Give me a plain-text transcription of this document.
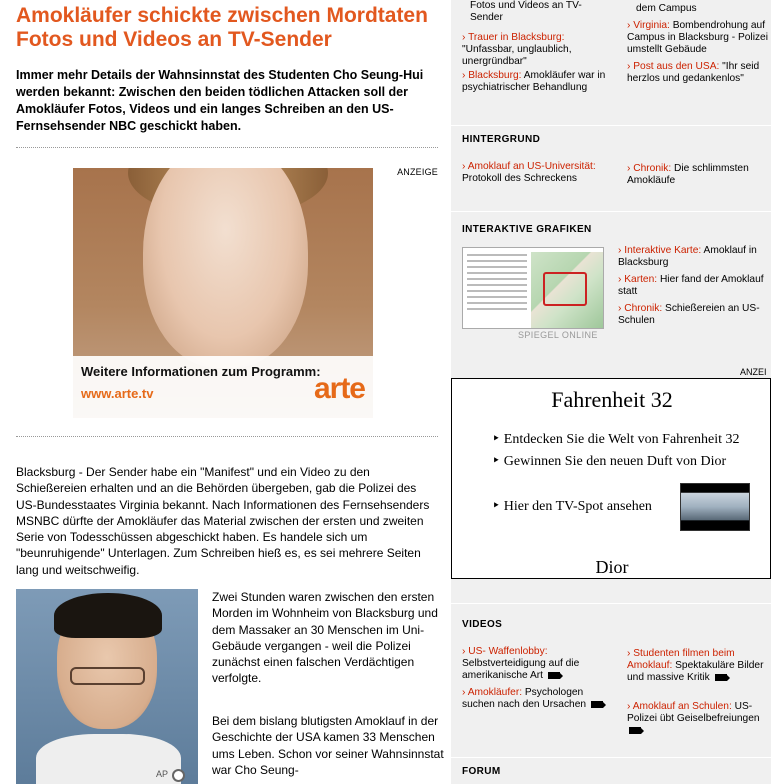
Amokläufer schickte zwischen Mordtaten
Fotos und Videos an TV-Sender

Immer mehr Details der Wahnsinnstat des Studenten Cho Seung-Hui werden bekannt: Zwischen den beiden tödlichen Attacken soll der Amokläufer Fotos, Videos und ein langes Schreiben an den US-Fernsehsender NBC geschickt haben.

ANZEIGE
Weitere Informationen zum Programm:
www.arte.tv	arte

Blacksburg - Der Sender habe ein "Manifest" und ein Video zu den Schießereien erhalten und an die Behörden übergeben, gab die Polizei des US-Bundesstaates Virginia bekannt. Nach Informationen des Fernsehsenders MSNBC dürfte der Amokläufer das Material zwischen der ersten und zweiten Serie von Todesschüssen abgeschickt haben. Es handele sich um "beunruhigende" Unterlagen. Zum Schreiben hieß es, es sei mehrere Seiten lang und weitschweifig.

Zwei Stunden waren zwischen den ersten Morden im Wohnheim von Blacksburg und dem Massaker an 30 Menschen im Uni-Gebäude vergangen - weil die Polizei zunächst einen falschen Verdächtigen verfolgte.

Bei dem bislang blutigsten Amoklauf in der Geschichte der USA kamen 33 Menschen ums Leben. Schon vor seiner Wahnsinnstat war Cho Seung-

AP
Fotos und Videos an TV-Sender
dem Campus
› Trauer in Blacksburg: "Unfassbar, unglaublich, unergründbar"
› Virginia: Bombendrohung auf Campus in Blacksburg - Polizei umstellt Gebäude
› Blacksburg: Amokläufer war in psychiatrischer Behandlung
› Post aus den USA: "Ihr seid herzlos und gedankenlos"
HINTERGRUND
› Amoklauf an US-Universität: Protokoll des Schreckens
› Chronik: Die schlimmsten Amokläufe
INTERAKTIVE GRAFIKEN
› Interaktive Karte: Amoklauf in Blacksburg
› Karten: Hier fand der Amoklauf statt
› Chronik: Schießereien an US- Schulen
VIDEOS
› US- Waffenlobby: Selbstverteidigung auf die amerikanische Art
› Studenten filmen beim Amoklauf: Spektakuläre Bilder und massive Kritik
› Amokläufer: Psychologen suchen nach den Ursachen	› Amoklauf an Schulen: US-Polizei übt Geiselbefreiungen
FORUM
SPIEGEL ONLINE
ANZEI
Fahrenheit 32
‣ Entdecken Sie die Welt von Fahrenheit 32
‣ Gewinnen Sie den neuen Duft von Dior
‣ Hier den TV-Spot ansehen
Dior
